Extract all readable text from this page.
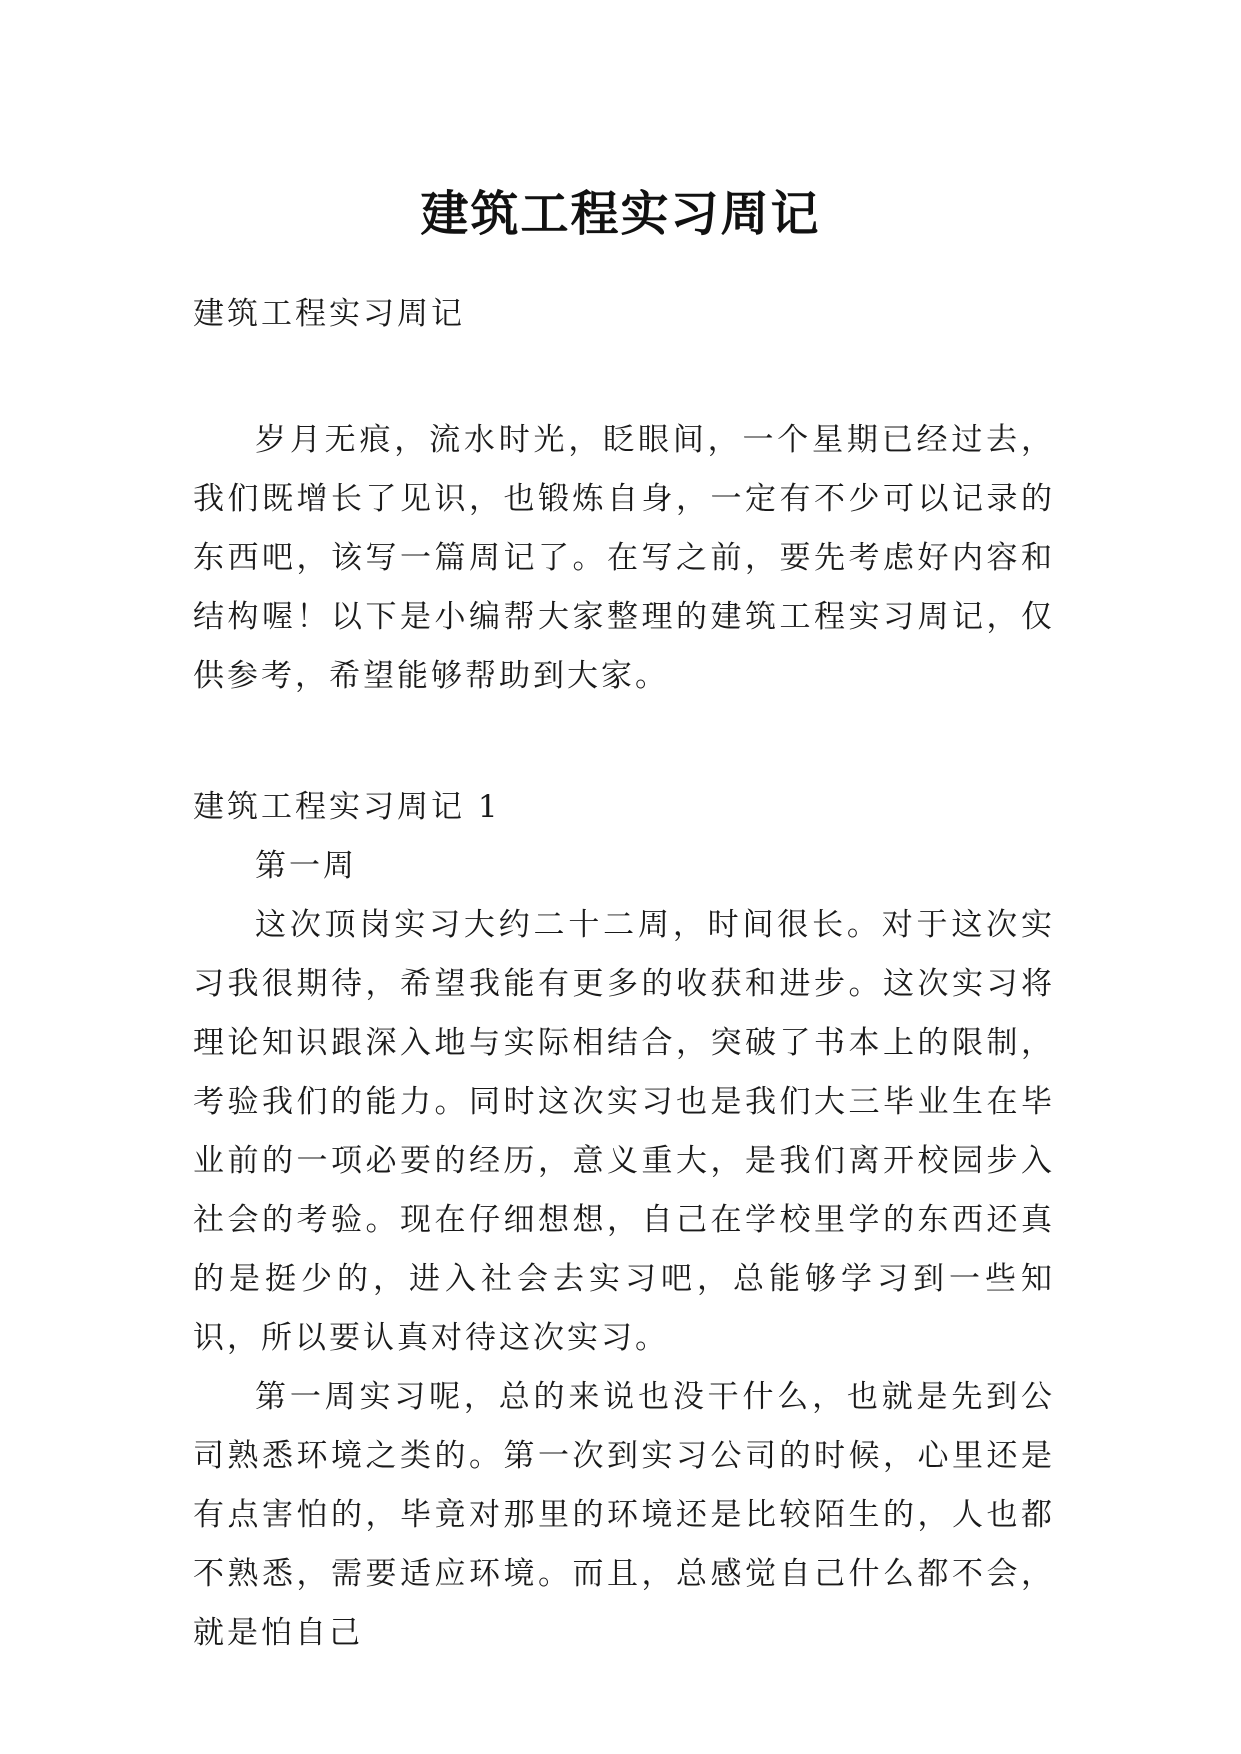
建筑工程实习周记

建筑工程实习周记

岁月无痕，流水时光，眨眼间，一个星期已经过去，我们既增长了见识，也锻炼自身，一定有不少可以记录的东西吧，该写一篇周记了。在写之前，要先考虑好内容和结构喔！以下是小编帮大家整理的建筑工程实习周记，仅供参考，希望能够帮助到大家。

建筑工程实习周记 1

第一周

这次顶岗实习大约二十二周，时间很长。对于这次实习我很期待，希望我能有更多的收获和进步。这次实习将理论知识跟深入地与实际相结合，突破了书本上的限制，考验我们的能力。同时这次实习也是我们大三毕业生在毕业前的一项必要的经历，意义重大，是我们离开校园步入社会的考验。现在仔细想想，自己在学校里学的东西还真的是挺少的，进入社会去实习吧，总能够学习到一些知识，所以要认真对待这次实习。

第一周实习呢，总的来说也没干什么，也就是先到公司熟悉环境之类的。第一次到实习公司的时候，心里还是有点害怕的，毕竟对那里的环境还是比较陌生的，人也都不熟悉，需要适应环境。而且，总感觉自己什么都不会，就是怕自己
